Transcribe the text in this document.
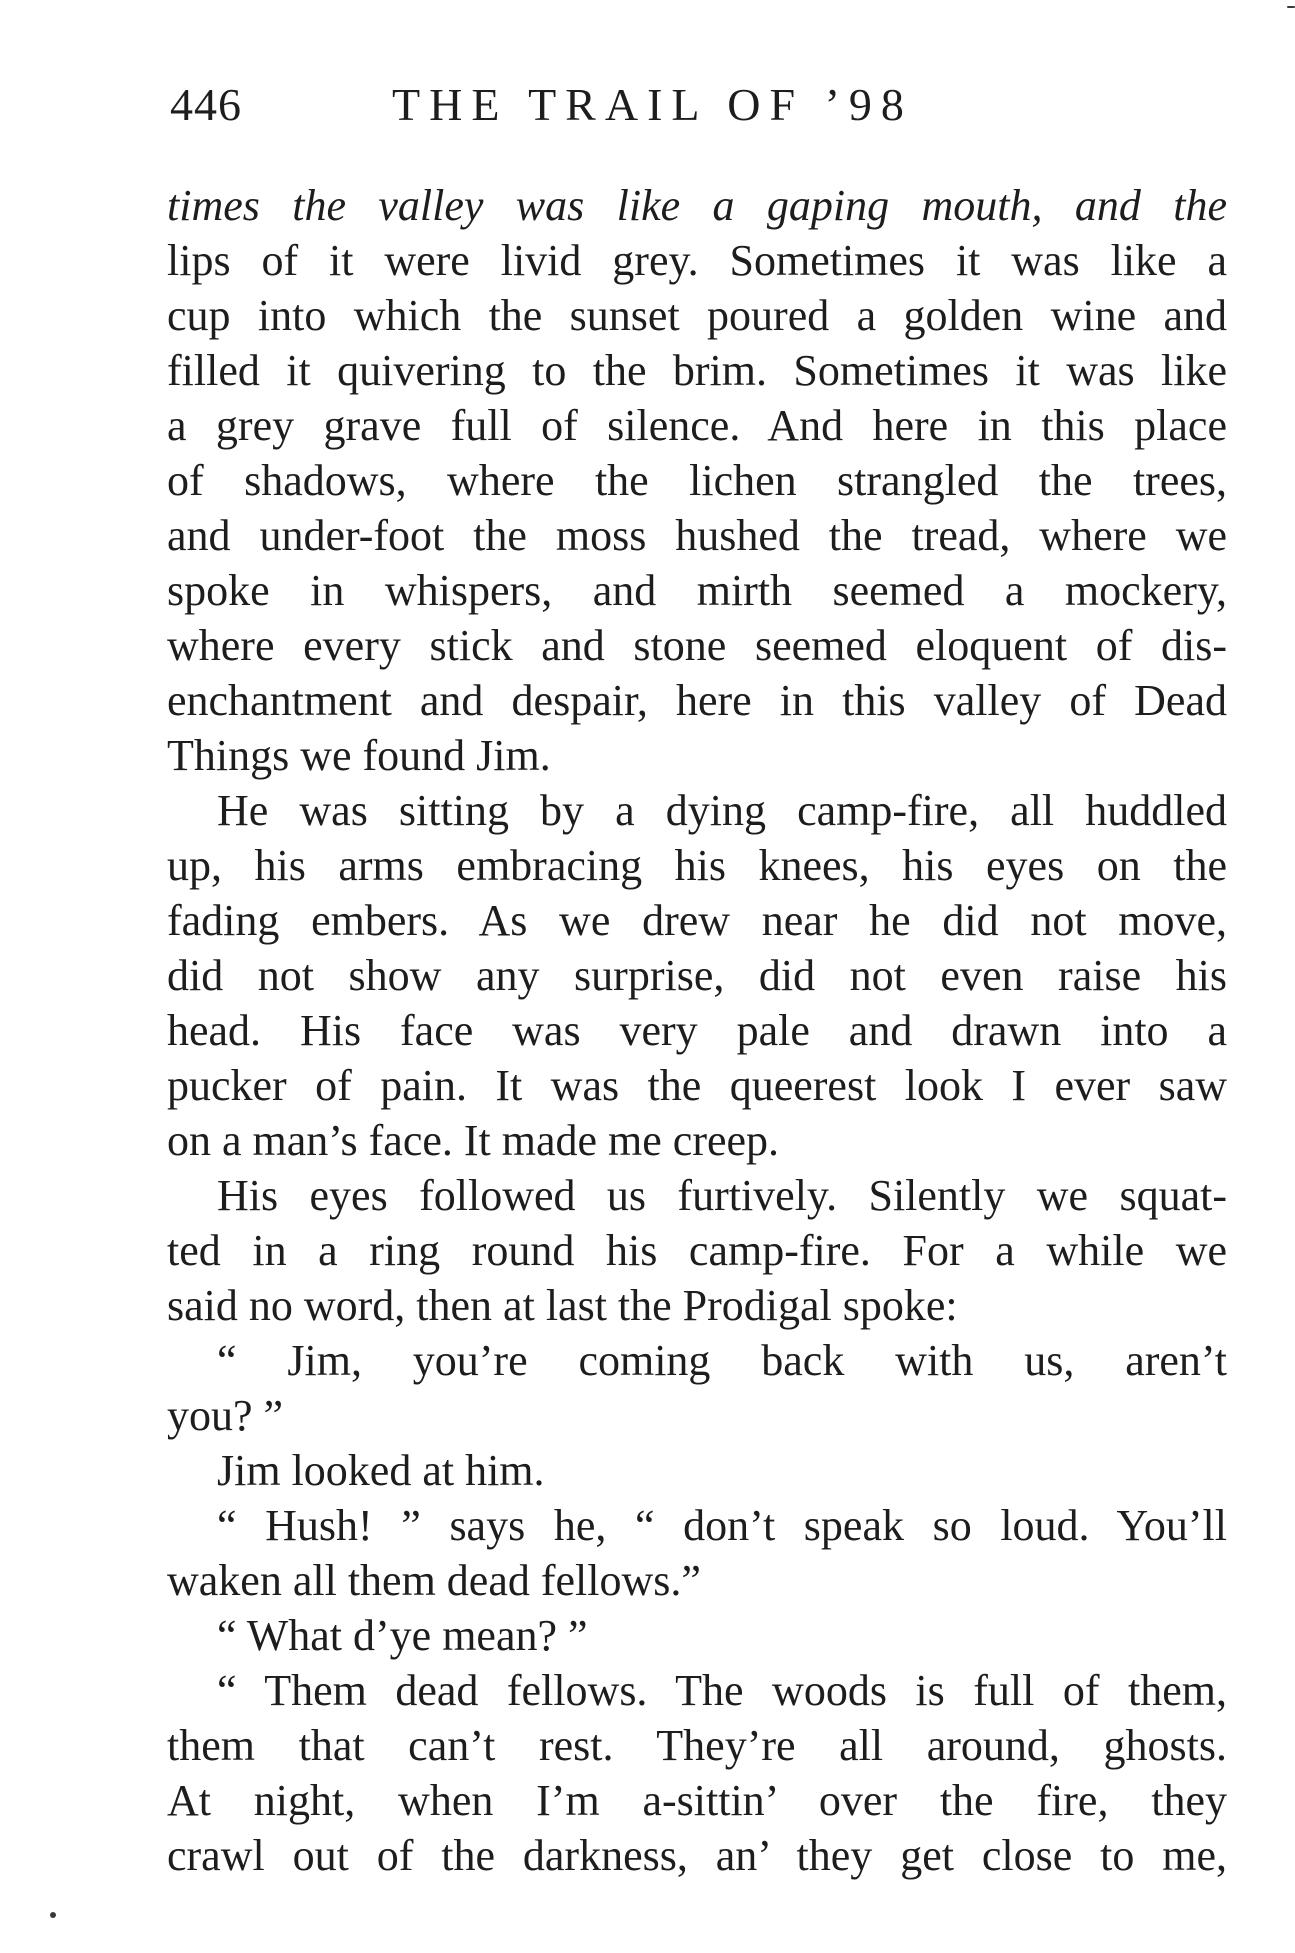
446	THE TRAIL OF ’98
times the valley was like a gaping mouth, and the
lips of it were livid grey. Sometimes it was like a
cup into which the sunset poured a golden wine and
filled it quivering to the brim. Sometimes it was like
a grey grave full of silence. And here in this place
of shadows, where the lichen strangled the trees,
and under-foot the moss hushed the tread, where we
spoke in whispers, and mirth seemed a mockery,
where every stick and stone seemed eloquent of dis-
enchantment and despair, here in this valley of Dead
Things we found Jim.
He was sitting by a dying camp-fire, all huddled
up, his arms embracing his knees, his eyes on the
fading embers. As we drew near he did not move,
did not show any surprise, did not even raise his
head. His face was very pale and drawn into a
pucker of pain. It was the queerest look I ever saw
on a man’s face. It made me creep.
His eyes followed us furtively. Silently we squat-
ted in a ring round his camp-fire. For a while we
said no word, then at last the Prodigal spoke:
“ Jim, you’re coming back with us, aren’t
you? ”
Jim looked at him.
“ Hush! ” says he, “ don’t speak so loud. You’ll
waken all them dead fellows.”
“ What d’ye mean? ”
“ Them dead fellows. The woods is full of them,
them that can’t rest. They’re all around, ghosts.
At night, when I’m a-sittin’ over the fire, they
crawl out of the darkness, an’ they get close to me,
